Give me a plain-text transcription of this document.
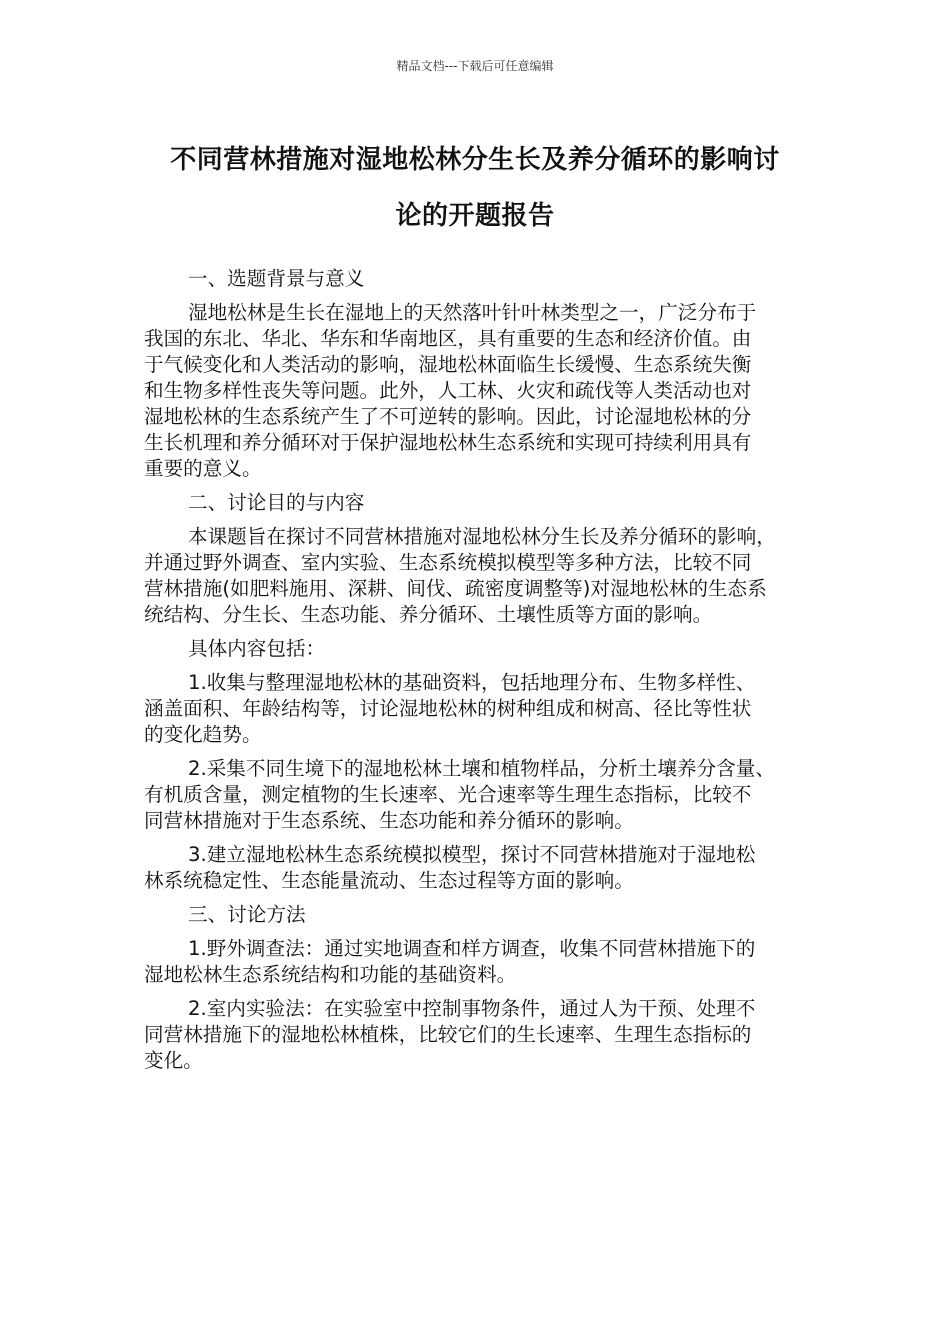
精品文档---下载后可任意编辑
不同营林措施对湿地松林分生长及养分循环的影响讨
论的开题报告
一、选题背景与意义
湿地松林是生长在湿地上的天然落叶针叶林类型之一，广泛分布于
我国的东北、华北、华东和华南地区，具有重要的生态和经济价值。由
于气候变化和人类活动的影响，湿地松林面临生长缓慢、生态系统失衡
和生物多样性丧失等问题。此外，人工林、火灾和疏伐等人类活动也对
湿地松林的生态系统产生了不可逆转的影响。因此，讨论湿地松林的分
生长机理和养分循环对于保护湿地松林生态系统和实现可持续利用具有
重要的意义。
二、讨论目的与内容
本课题旨在探讨不同营林措施对湿地松林分生长及养分循环的影响，
并通过野外调查、室内实验、生态系统模拟模型等多种方法，比较不同
营林措施(如肥料施用、深耕、间伐、疏密度调整等)对湿地松林的生态系
统结构、分生长、生态功能、养分循环、土壤性质等方面的影响。
具体内容包括：
1.收集与整理湿地松林的基础资料，包括地理分布、生物多样性、
涵盖面积、年龄结构等，讨论湿地松林的树种组成和树高、径比等性状
的变化趋势。
2.采集不同生境下的湿地松林土壤和植物样品，分析土壤养分含量、
有机质含量，测定植物的生长速率、光合速率等生理生态指标，比较不
同营林措施对于生态系统、生态功能和养分循环的影响。
3.建立湿地松林生态系统模拟模型，探讨不同营林措施对于湿地松
林系统稳定性、生态能量流动、生态过程等方面的影响。
三、讨论方法
1.野外调查法：通过实地调查和样方调查，收集不同营林措施下的
湿地松林生态系统结构和功能的基础资料。
2.室内实验法：在实验室中控制事物条件，通过人为干预、处理不
同营林措施下的湿地松林植株，比较它们的生长速率、生理生态指标的
变化。
